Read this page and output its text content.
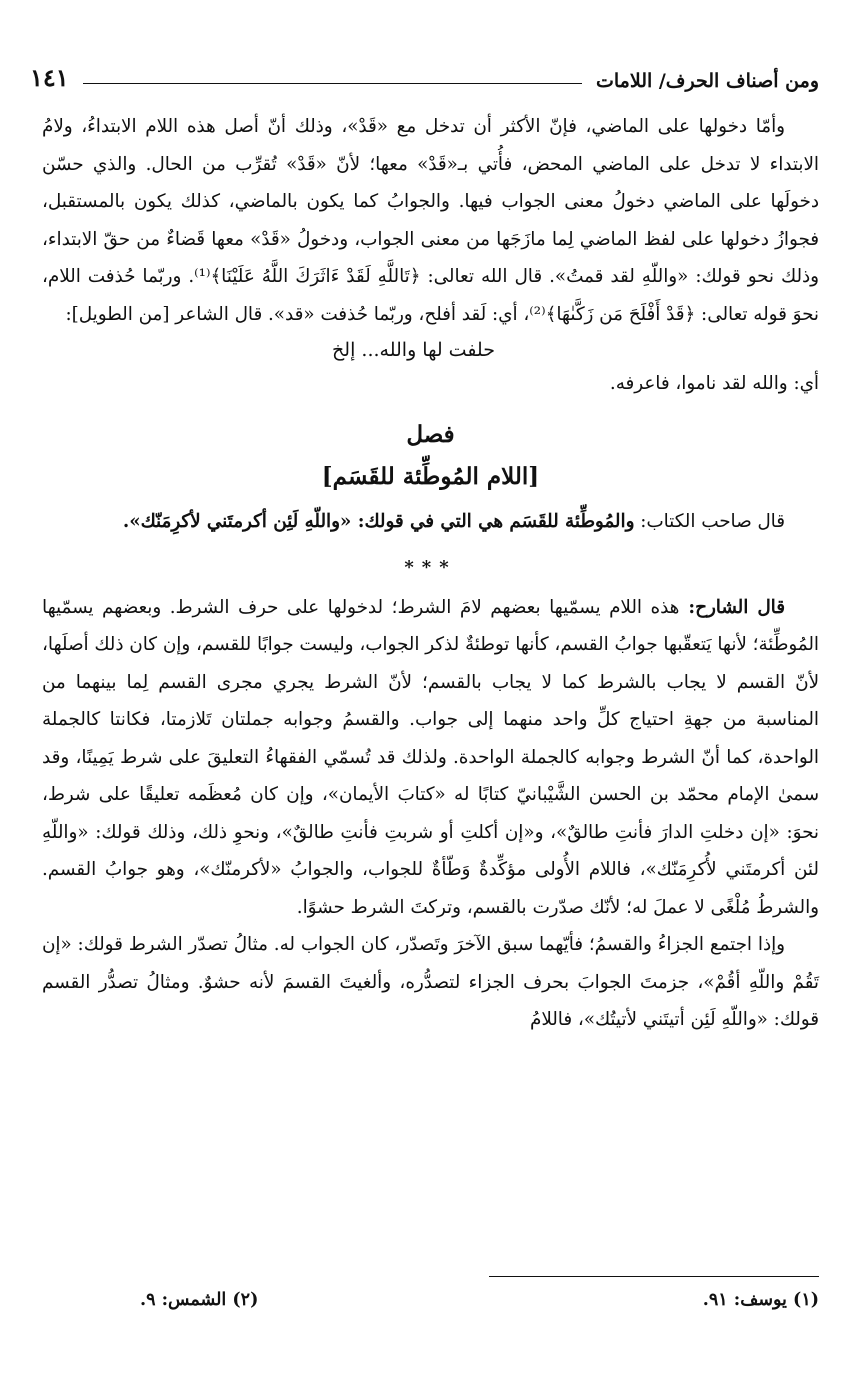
ومن أصناف الحرف/ اللامات
١٤١

وأمّا دخولها على الماضي، فإنّ الأكثر أن تدخل مع «قَدْ»، وذلك أنّ أصل هذه اللام الابتداءُ، ولامُ الابتداء لا تدخل على الماضي المحض، فأُتي بـ«قَدْ» معها؛ لأنّ «قَدْ» تُقرِّب من الحال. والذي حسّن دخولَها على الماضي دخولُ معنى الجواب فيها. والجوابُ كما يكون بالماضي، كذلك يكون بالمستقبل، فجوازُ دخولها على لفظ الماضي لِما مازَجَها من معنى الجواب، ودخولُ «قَدْ» معها قَضاءٌ من حقّ الابتداء، وذلك نحو قولك: «واللّهِ لقد قمتُ». قال الله تعالى: ﴿تَاللَّهِ لَقَدْ ءَاثَرَكَ اللَّهُ عَلَيْنَا﴾⁽¹⁾. وربّما حُذفت اللام، نحوَ قوله تعالى: ﴿قَدْ أَفْلَحَ مَن زَكَّىٰهَا﴾⁽²⁾، أي: لَقد أفلح، وربّما حُذفت «قد». قال الشاعر [من الطويل]:

حلفت لها والله... إلخ

أي: والله لقد ناموا، فاعرفه.

فصل
[اللام المُوطِّئة للقَسَم]

قال صاحب الكتاب: والمُوطِّئة للقَسَم هي التي في قولك: «واللّهِ لَئِن أكرمتَني لأكرِمَنّك».

***

قال الشارح: هذه اللام يسمّيها بعضهم لامَ الشرط؛ لدخولها على حرف الشرط. وبعضهم يسمّيها المُوطِّئة؛ لأنها يَتعقّبها جوابُ القسم، كأنها توطئةٌ لذكر الجواب، وليست جوابًا للقسم، وإن كان ذلك أصلَها، لأنّ القسم لا يجاب بالشرط كما لا يجاب بالقسم؛ لأنّ الشرط يجري مجرى القسم لِما بينهما من المناسبة من جهةِ احتياج كلِّ واحد منهما إلى جواب. والقسمُ وجوابه جملتان تَلازمتا، فكانتا كالجملة الواحدة، كما أنّ الشرط وجوابه كالجملة الواحدة. ولذلك قد تُسمّي الفقهاءُ التعليقَ على شرط يَمِينًا، وقد سمىٰ الإمام محمّد بن الحسن الشَّيْبانيّ كتابًا له «كتابَ الأيمان»، وإن كان مُعظَمه تعليقًا على شرط، نحوَ: «إن دخلتِ الدارَ فأنتِ طالقٌ»، و«إن أكلتِ أو شربتِ فأنتِ طالقٌ»، ونحوِ ذلك، وذلك قولك: «واللّهِ لئن أكرمتَني لأُكرِمَنّك»، فاللام الأُولى مؤكِّدةٌ وَطّأةٌ للجواب، والجوابُ «لأكرمنّك»، وهو جوابُ القسم. والشرطُ مُلْغًى لا عملَ له؛ لأنّك صدّرت بالقسم، وتركتَ الشرط حشوًا.

وإذا اجتمع الجزاءُ والقسمُ؛ فأيّهما سبق الآخرَ وتَصدّر، كان الجواب له. مثالُ تصدّر الشرط قولك: «إن تَقُمْ واللّهِ أقُمْ»، جزمتَ الجوابَ بحرف الجزاء لتصدُّره، وألغيتَ القسمَ لأنه حشوٌ. ومثالُ تصدُّر القسم قولك: «واللّهِ لَئِن أتيتَني لأتيتُك»، فاللامُ

(١) يوسف: ٩١.
(٢) الشمس: ٩.
